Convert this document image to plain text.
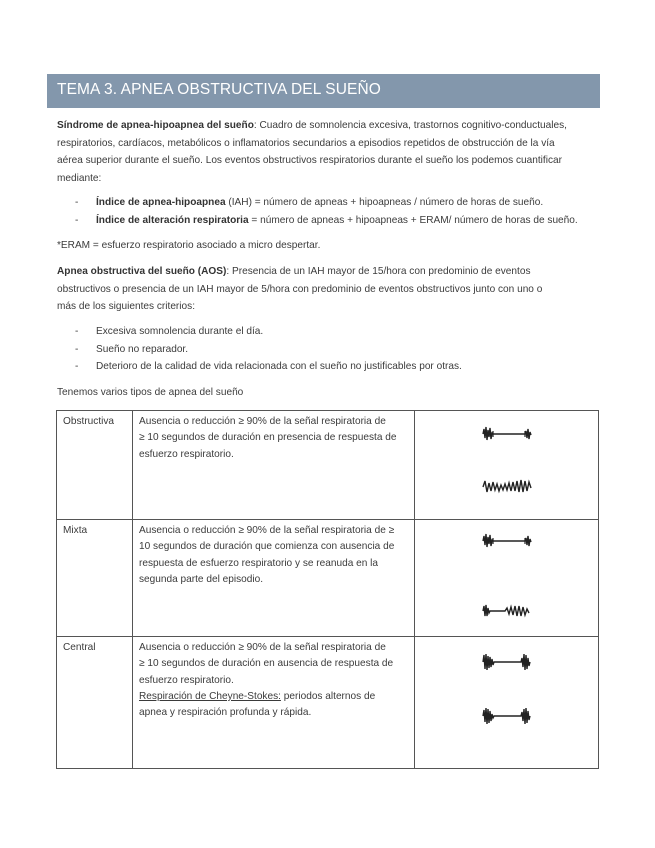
TEMA 3. APNEA OBSTRUCTIVA DEL SUEÑO

Síndrome de apnea-hipoapnea del sueño: Cuadro de somnolencia excesiva, trastornos cognitivo-conductuales,
respiratorios, cardíacos, metabólicos o inflamatorios secundarios a episodios repetidos de obstrucción de la vía
aérea superior durante el sueño. Los eventos obstructivos respiratorios durante el sueño los podemos cuantificar
mediante:

- Índice de apnea-hipoapnea (IAH) = número de apneas + hipoapneas / número de horas de sueño.
- Índice de alteración respiratoria = número de apneas + hipoapneas + ERAM/ número de horas de sueño.

*ERAM = esfuerzo respiratorio asociado a micro despertar.

Apnea obstructiva del sueño (AOS): Presencia de un IAH mayor de 15/hora con predominio de eventos
obstructivos o presencia de un IAH mayor de 5/hora con predominio de eventos obstructivos junto con uno o
más de los siguientes criterios:

- Excesiva somnolencia durante el día.
- Sueño no reparador.
- Deterioro de la calidad de vida relacionada con el sueño no justificables por otras.

Tenemos varios tipos de apnea del sueño

Obstructiva	Ausencia o reducción ≥ 90% de la señal respiratoria de
≥ 10 segundos de duración en presencia de respuesta de
esfuerzo respiratorio.	

Mixta	Ausencia o reducción ≥ 90% de la señal respiratoria de ≥
10 segundos de duración que comienza con ausencia de
respuesta de esfuerzo respiratorio y se reanuda en la
segunda parte del episodio.	

Central	Ausencia o reducción ≥ 90% de la señal respiratoria de
≥ 10 segundos de duración en ausencia de respuesta de
esfuerzo respiratorio.
Respiración de Cheyne-Stokes: periodos alternos de
apnea y respiración profunda y rápida.	
